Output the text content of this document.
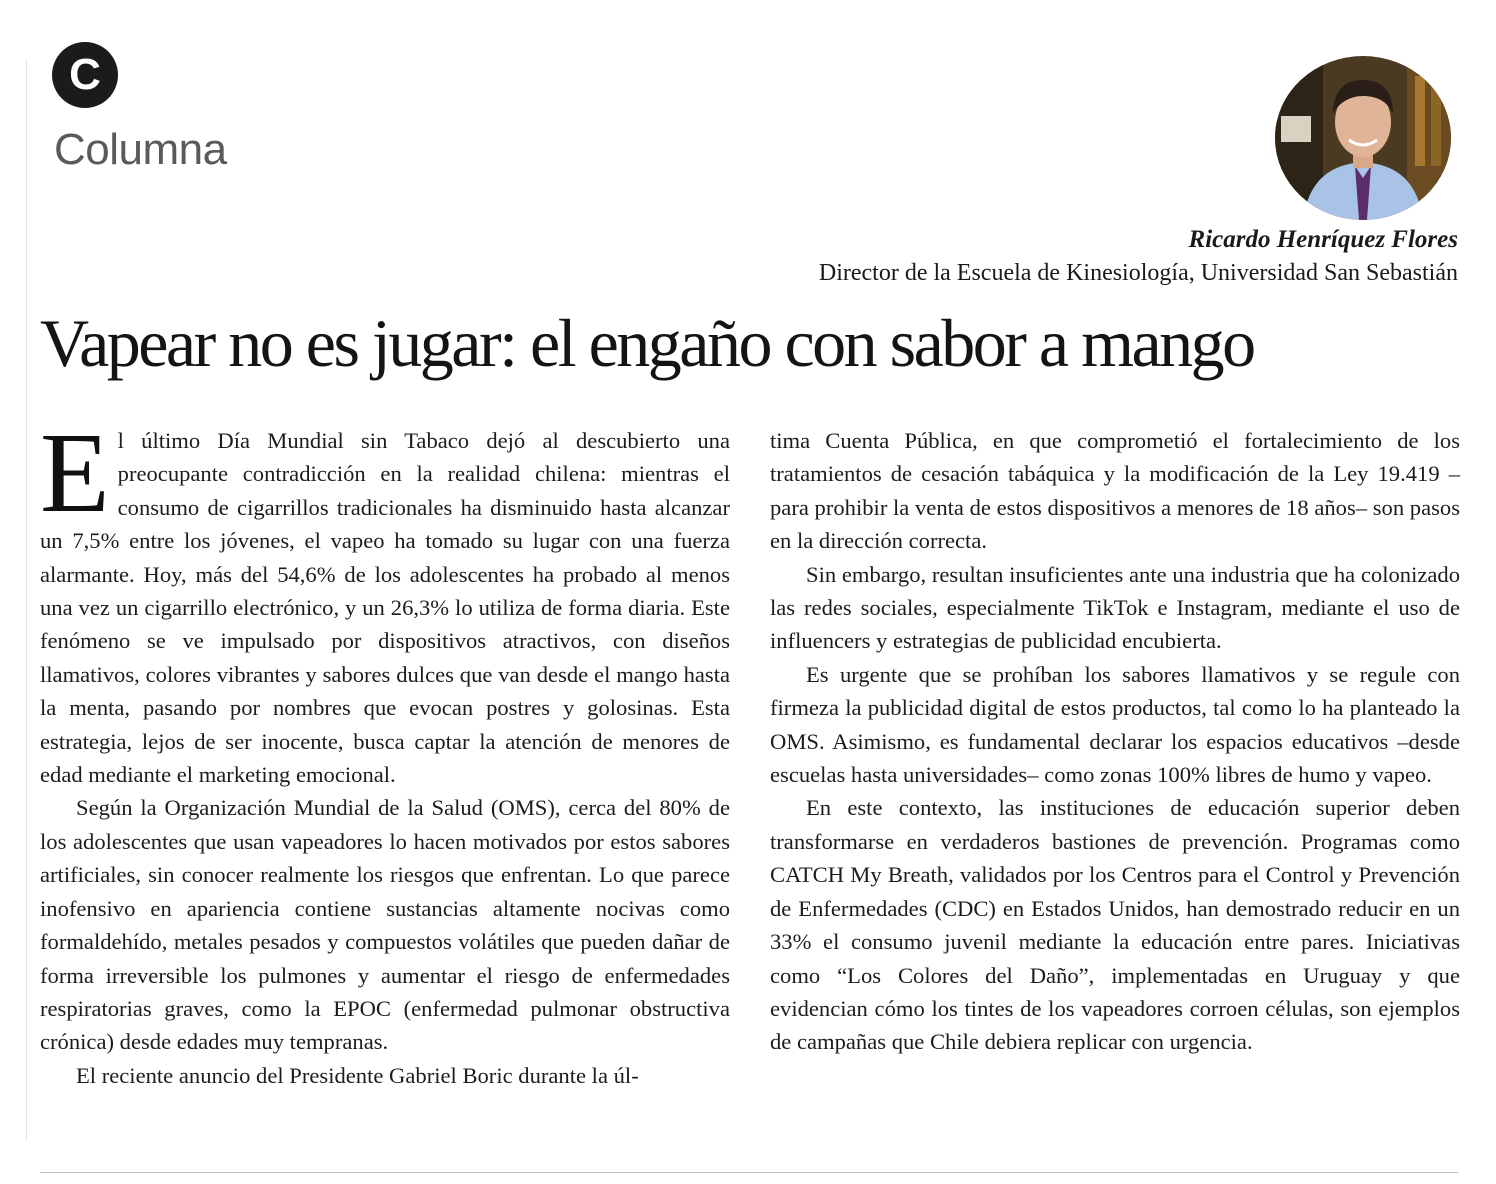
C
Columna
Ricardo Henríquez Flores
Director de la Escuela de Kinesiología, Universidad San Sebastián
Vapear no es jugar: el engaño con sabor a mango

El último Día Mundial sin Tabaco dejó al descubierto una preocupante contradicción en la realidad chilena: mientras el consumo de cigarrillos tradicionales ha disminuido hasta alcanzar un 7,5% entre los jóvenes, el vapeo ha tomado su lugar con una fuerza alarmante. Hoy, más del 54,6% de los adolescentes ha probado al menos una vez un cigarrillo electrónico, y un 26,3% lo utiliza de forma diaria. Este fenómeno se ve impulsado por dispositivos atractivos, con diseños llamativos, colores vibrantes y sabores dulces que van desde el mango hasta la menta, pasando por nombres que evocan postres y golosinas. Esta estrategia, lejos de ser inocente, busca captar la atención de menores de edad mediante el marketing emocional.

Según la Organización Mundial de la Salud (OMS), cerca del 80% de los adolescentes que usan vapeadores lo hacen motivados por estos sabores artificiales, sin conocer realmente los riesgos que enfrentan. Lo que parece inofensivo en apariencia contiene sustancias altamente nocivas como formaldehído, metales pesados y compuestos volátiles que pueden dañar de forma irreversible los pulmones y aumentar el riesgo de enfermedades respiratorias graves, como la EPOC (enfermedad pulmonar obstructiva crónica) desde edades muy tempranas.

El reciente anuncio del Presidente Gabriel Boric durante la úl-

tima Cuenta Pública, en que comprometió el fortalecimiento de los tratamientos de cesación tabáquica y la modificación de la Ley 19.419 –para prohibir la venta de estos dispositivos a menores de 18 años– son pasos en la dirección correcta.

Sin embargo, resultan insuficientes ante una industria que ha colonizado las redes sociales, especialmente TikTok e Instagram, mediante el uso de influencers y estrategias de publicidad encubierta.

Es urgente que se prohíban los sabores llamativos y se regule con firmeza la publicidad digital de estos productos, tal como lo ha planteado la OMS. Asimismo, es fundamental declarar los espacios educativos –desde escuelas hasta universidades– como zonas 100% libres de humo y vapeo.

En este contexto, las instituciones de educación superior deben transformarse en verdaderos bastiones de prevención. Programas como CATCH My Breath, validados por los Centros para el Control y Prevención de Enfermedades (CDC) en Estados Unidos, han demostrado reducir en un 33% el consumo juvenil mediante la educación entre pares. Iniciativas como “Los Colores del Daño”, implementadas en Uruguay y que evidencian cómo los tintes de los vapeadores corroen células, son ejemplos de campañas que Chile debiera replicar con urgencia.
